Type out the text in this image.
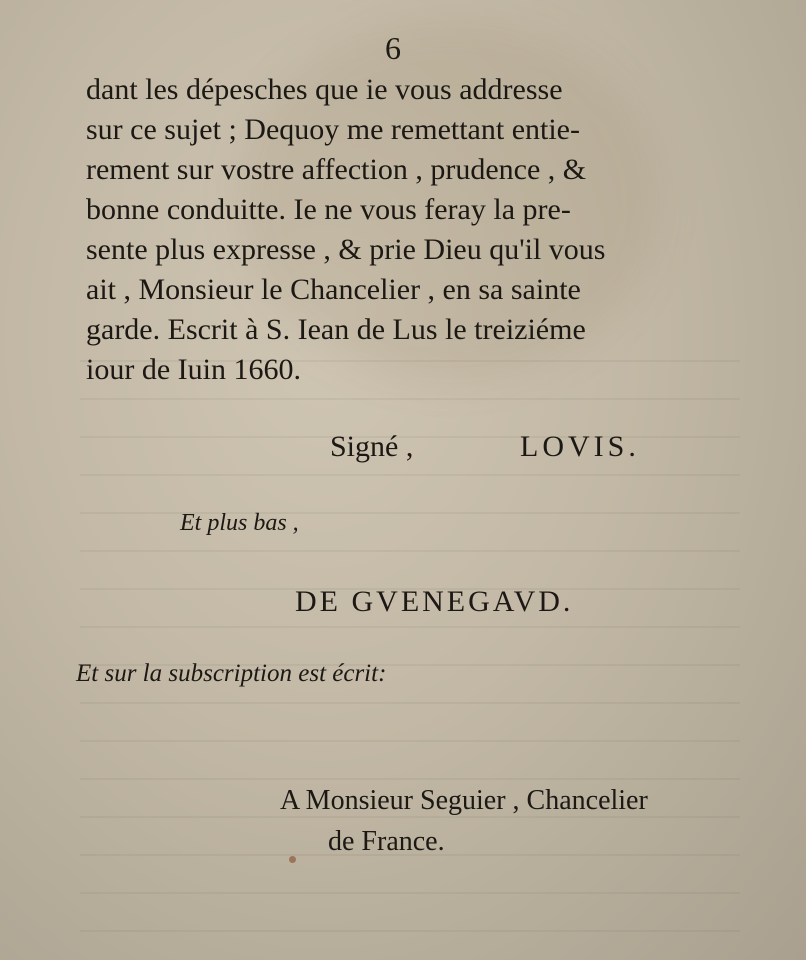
6
dant les dépesches que ie vous addresse
sur ce sujet ; Dequoy me remettant entie-
rement sur vostre affection , prudence , &
bonne conduitte. Ie ne vous feray la pre-
sente plus expresse , & prie Dieu qu'il vous
ait , Monsieur le Chancelier , en sa sainte
garde. Escrit à S. Iean de Lus le treiziéme
iour de Iuin 1660.
Signé ,	LOVIS.
Et plus bas ,
DE GVENEGAVD.
Et sur la subscription est écrit:
A Monsieur Seguier , Chancelier
de France.
